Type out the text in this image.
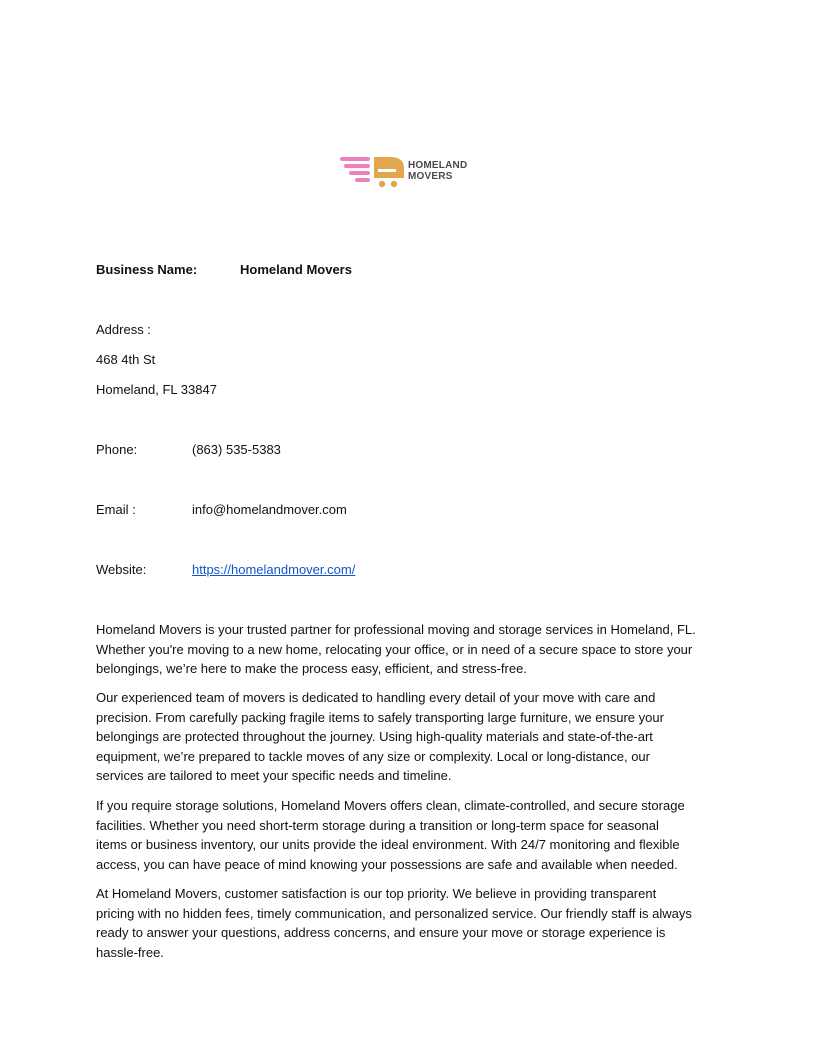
HOMELAND
MOVERS
Business Name:	Homeland Movers
Address :
468 4th St
Homeland, FL 33847
Phone:	(863) 535-5383
Email :	info@homelandmover.com
Website:	https://homelandmover.com/

Homeland Movers is your trusted partner for professional moving and storage services in Homeland, FL.
Whether you're moving to a new home, relocating your office, or in need of a secure space to store your
belongings, we’re here to make the process easy, efficient, and stress-free.

Our experienced team of movers is dedicated to handling every detail of your move with care and
precision. From carefully packing fragile items to safely transporting large furniture, we ensure your
belongings are protected throughout the journey. Using high-quality materials and state-of-the-art
equipment, we’re prepared to tackle moves of any size or complexity. Local or long-distance, our
services are tailored to meet your specific needs and timeline.

If you require storage solutions, Homeland Movers offers clean, climate-controlled, and secure storage
facilities. Whether you need short-term storage during a transition or long-term space for seasonal
items or business inventory, our units provide the ideal environment. With 24/7 monitoring and flexible
access, you can have peace of mind knowing your possessions are safe and available when needed.

At Homeland Movers, customer satisfaction is our top priority. We believe in providing transparent
pricing with no hidden fees, timely communication, and personalized service. Our friendly staff is always
ready to answer your questions, address concerns, and ensure your move or storage experience is
hassle-free.
